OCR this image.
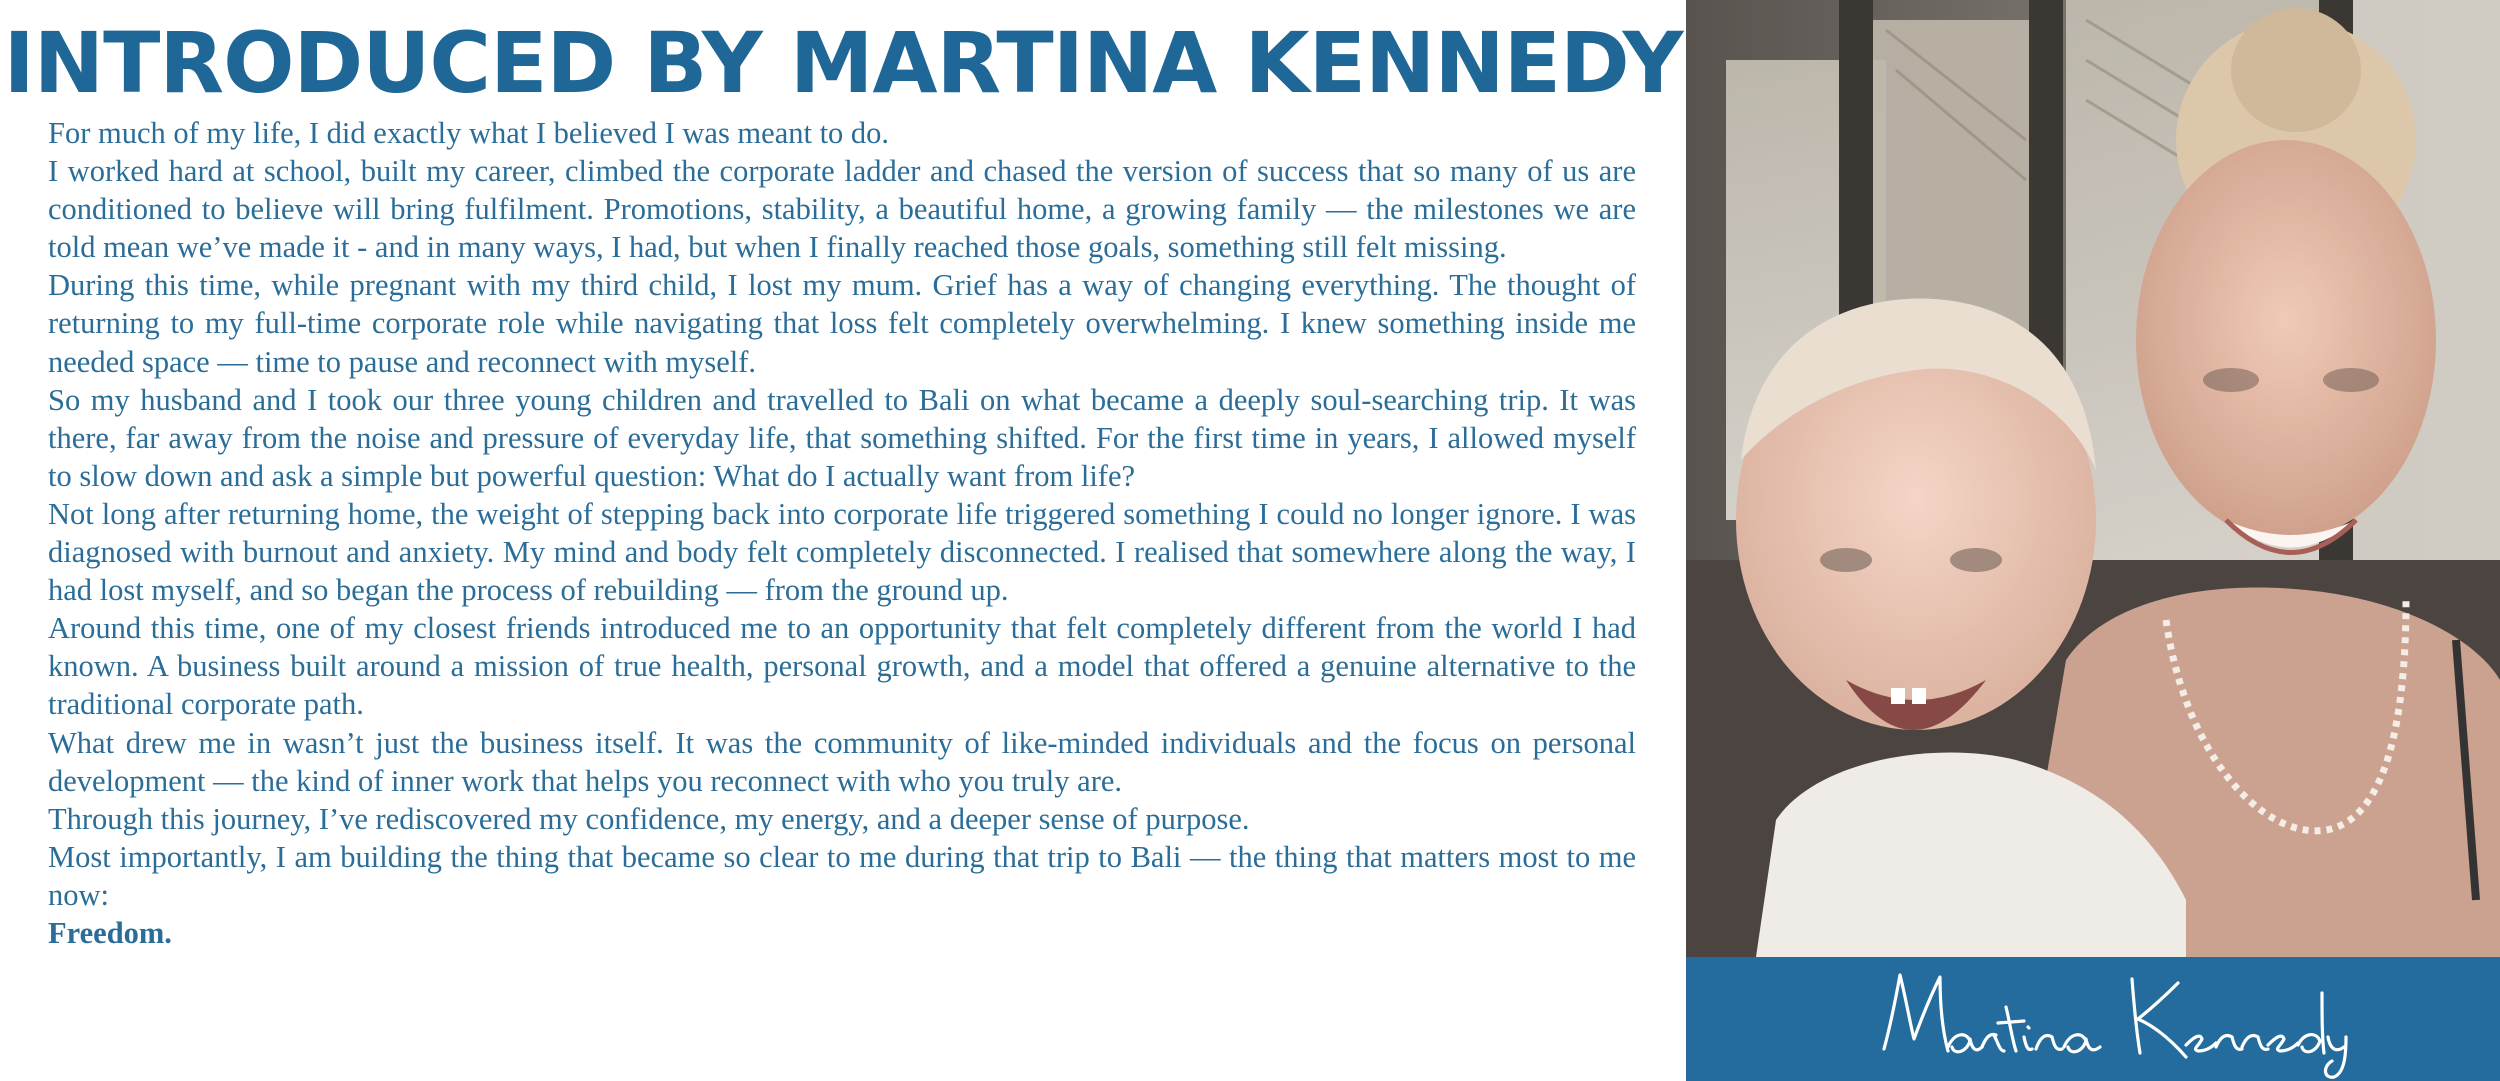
INTRODUCED BY MARTINA KENNEDY

For much of my life, I did exactly what I believed I was meant to do.

I worked hard at school, built my career, climbed the corporate ladder and chased the version of success that so many of us are conditioned to believe will bring fulfilment. Promotions, stability, a beautiful home, a growing family — the milestones we are told mean we’ve made it - and in many ways, I had, but when I finally reached those goals, something still felt missing.

During this time, while pregnant with my third child, I lost my mum. Grief has a way of changing everything. The thought of returning to my full-time corporate role while navigating that loss felt completely overwhelming. I knew something inside me needed space — time to pause and reconnect with myself.

So my husband and I took our three young children and travelled to Bali on what became a deeply soul-searching trip. It was there, far away from the noise and pressure of everyday life, that something shifted. For the first time in years, I allowed myself to slow down and ask a simple but powerful question: What do I actually want from life?

Not long after returning home, the weight of stepping back into corporate life triggered something I could no longer ignore. I was diagnosed with burnout and anxiety. My mind and body felt completely disconnected. I realised that somewhere along the way, I had lost myself, and so began the process of rebuilding — from the ground up.

Around this time, one of my closest friends introduced me to an opportunity that felt completely different from the world I had known. A business built around a mission of true health, personal growth, and a model that offered a genuine alternative to the traditional corporate path.

What drew me in wasn’t just the business itself. It was the community of like-minded individuals and the focus on personal development — the kind of inner work that helps you reconnect with who you truly are.

Through this journey, I’ve rediscovered my confidence, my energy, and a deeper sense of purpose.

Most importantly, I am building the thing that became so clear to me during that trip to Bali — the thing that matters most to me now:

Freedom.
